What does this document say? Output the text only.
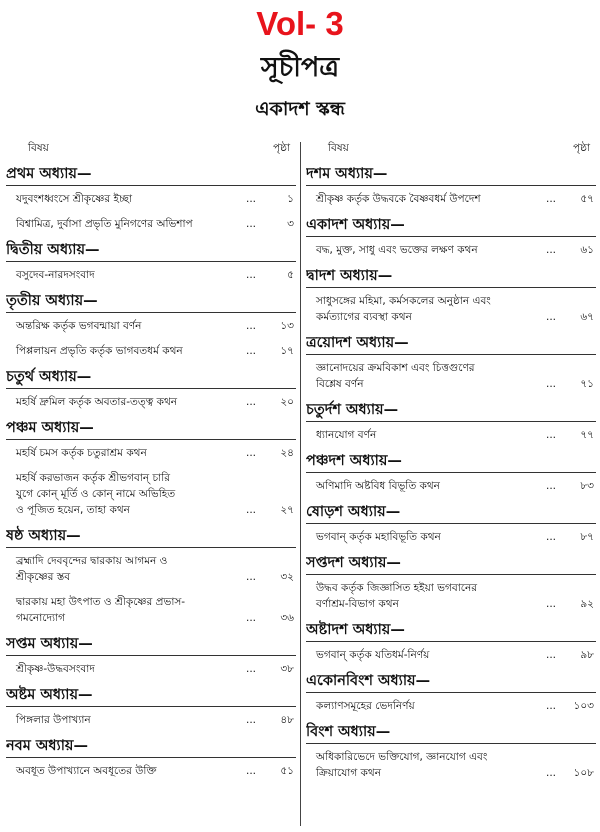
Vol- 3
সূচীপত্র
একাদশ স্কন্ধ
বিষয়	পৃষ্ঠা
প্রথম অধ্যায়—
যদুবংশধ্বংসে শ্রীকৃষ্ণের ইচ্ছা	...	১
বিশ্বামিত্র, দুর্বাসা প্রভৃতি মুনিগণের অভিশাপ	...	৩
দ্বিতীয় অধ্যায়—
বসুদেব-নারদসংবাদ	...	৫
তৃতীয় অধ্যায়—
অন্তরিক্ষ কর্তৃক ভগবন্মায়া বর্ণন	...	১৩
পিপ্পলায়ন প্রভৃতি কর্তৃক ভাগবতধর্ম কথন	...	১৭
চতুর্থ অধ্যায়—
মহর্ষি দ্রুমিল কর্তৃক অবতার-তত্ত্ব কথন	...	২০
পঞ্চম অধ্যায়—
মহর্ষি চমস কর্তৃক চতুরাশ্রম কথন	...	২৪
মহর্ষি করভাজন কর্তৃক শ্রীভগবান্ চারি
যুগে কোন্ মূর্তি ও কোন্ নামে অভিহিত
ও পূজিত হয়েন, তাহা কথন	...	২৭
ষষ্ঠ অধ্যায়—
ব্রহ্মাদি দেববৃন্দের দ্বারকায় আগমন ও
শ্রীকৃষ্ণের স্তব	...	৩২
দ্বারকায় মহা উৎপাত ও শ্রীকৃষ্ণের প্রভাস-
গমনোদ্যোগ	...	৩৬
সপ্তম অধ্যায়—
শ্রীকৃষ্ণ-উদ্ধবসংবাদ	...	৩৮
অষ্টম অধ্যায়—
পিঙ্গলার উপাখ্যান	...	৪৮
নবম অধ্যায়—
অবধূত উপাখ্যানে অবধূতের উক্তি	...	৫১
বিষয়	পৃষ্ঠা
দশম অধ্যায়—
শ্রীকৃষ্ণ কর্তৃক উদ্ধবকে বৈষ্ণবধর্ম উপদেশ	...	৫৭
একাদশ অধ্যায়—
বদ্ধ, মুক্ত, সাধু এবং ভক্তের লক্ষণ কথন	...	৬১
দ্বাদশ অধ্যায়—
সাধুসঙ্গের মহিমা, কর্মসকলের অনুষ্ঠান এবং
কর্মত্যাগের ব্যবস্থা কথন	...	৬৭
ত্রয়োদশ অধ্যায়—
জ্ঞানোদয়ের ক্রমবিকাশ এবং চিত্তগুণের
বিশ্লেষ বর্ণন	...	৭১
চতুর্দশ অধ্যায়—
ধ্যানযোগ বর্ণন	...	৭৭
পঞ্চদশ অধ্যায়—
অণিমাদি অষ্টবিধ বিভূতি কথন	...	৮৩
ষোড়শ অধ্যায়—
ভগবান্ কর্তৃক মহাবিভূতি কথন	...	৮৭
সপ্তদশ অধ্যায়—
উদ্ধব কর্তৃক জিজ্ঞাসিত হইয়া ভগবানের
বর্ণাশ্রম-বিভাগ কথন	...	৯২
অষ্টাদশ অধ্যায়—
ভগবান্ কর্তৃক যতিধর্ম-নির্ণয়	...	৯৮
একোনবিংশ অধ্যায়—
কল্যাণসমূহের ভেদনির্ণয়	...	১০৩
বিংশ অধ্যায়—
অধিকারিভেদে ভক্তিযোগ, জ্ঞানযোগ এবং
ক্রিয়াযোগ কথন	...	১০৮
